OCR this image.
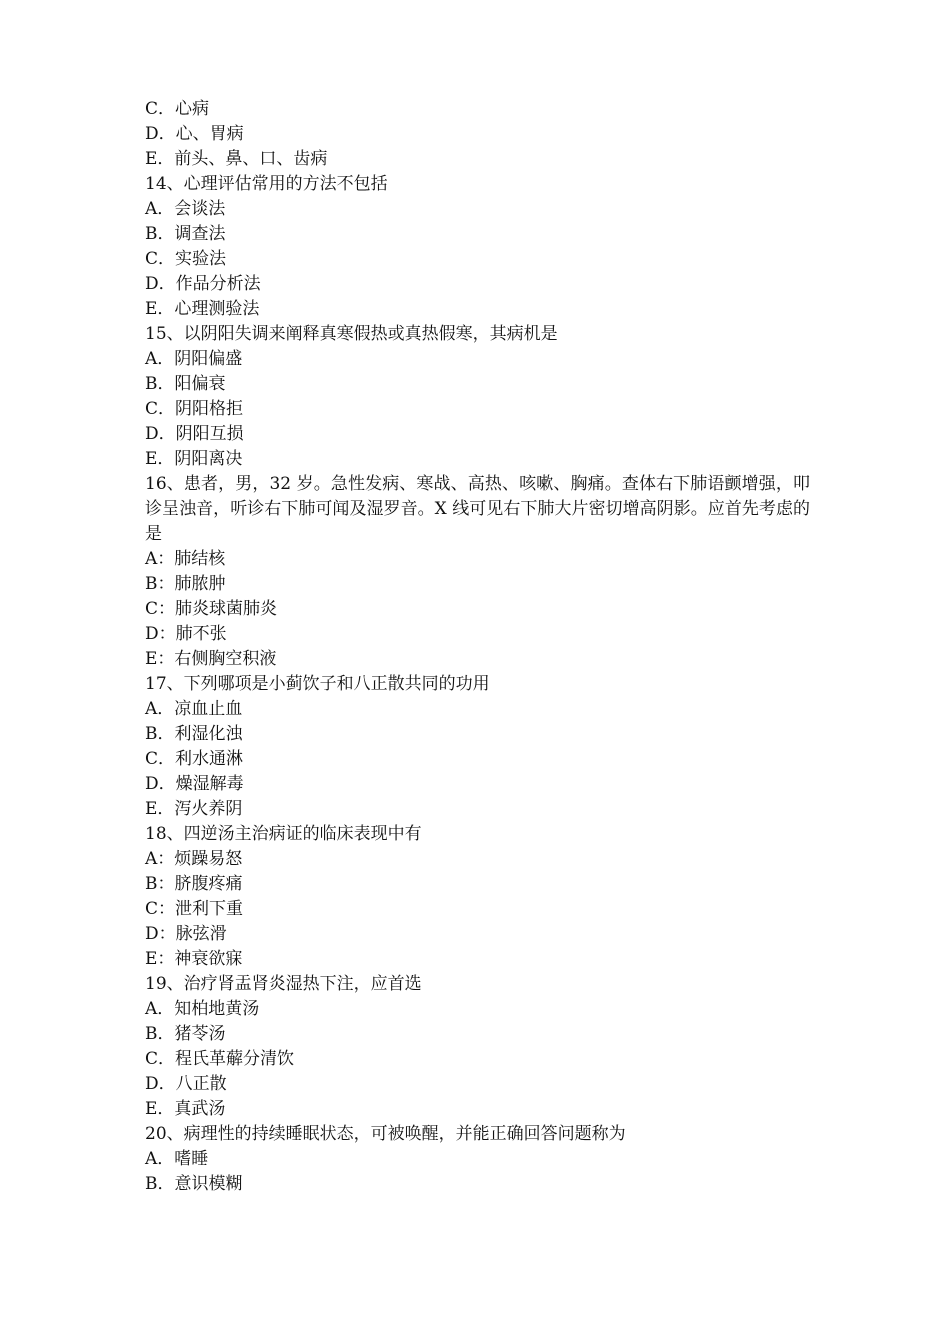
C．心病
D．心、胃病
E．前头、鼻、口、齿病
14、心理评估常用的方法不包括
A．会谈法
B．调查法
C．实验法
D．作品分析法
E．心理测验法
15、以阴阳失调来阐释真寒假热或真热假寒，其病机是
A．阴阳偏盛
B．阳偏衰
C．阴阳格拒
D．阴阳互损
E．阴阳离决
16、患者，男，32 岁。急性发病、寒战、高热、咳嗽、胸痛。查体右下肺语颤增强，叩诊呈浊音，听诊右下肺可闻及湿罗音。X 线可见右下肺大片密切增高阴影。应首先考虑的是
A：肺结核
B：肺脓肿
C：肺炎球菌肺炎
D：肺不张
E：右侧胸空积液
17、下列哪项是小蓟饮子和八正散共同的功用
A．凉血止血
B．利湿化浊
C．利水通淋
D．燥湿解毒
E．泻火养阴
18、四逆汤主治病证的临床表现中有
A：烦躁易怒
B：脐腹疼痛
C：泄利下重
D：脉弦滑
E：神衰欲寐
19、治疗肾盂肾炎湿热下注，应首选
A．知柏地黄汤
B．猪苓汤
C．程氏革薢分清饮
D．八正散
E．真武汤
20、病理性的持续睡眠状态，可被唤醒，并能正确回答问题称为
A．嗜睡
B．意识模糊
